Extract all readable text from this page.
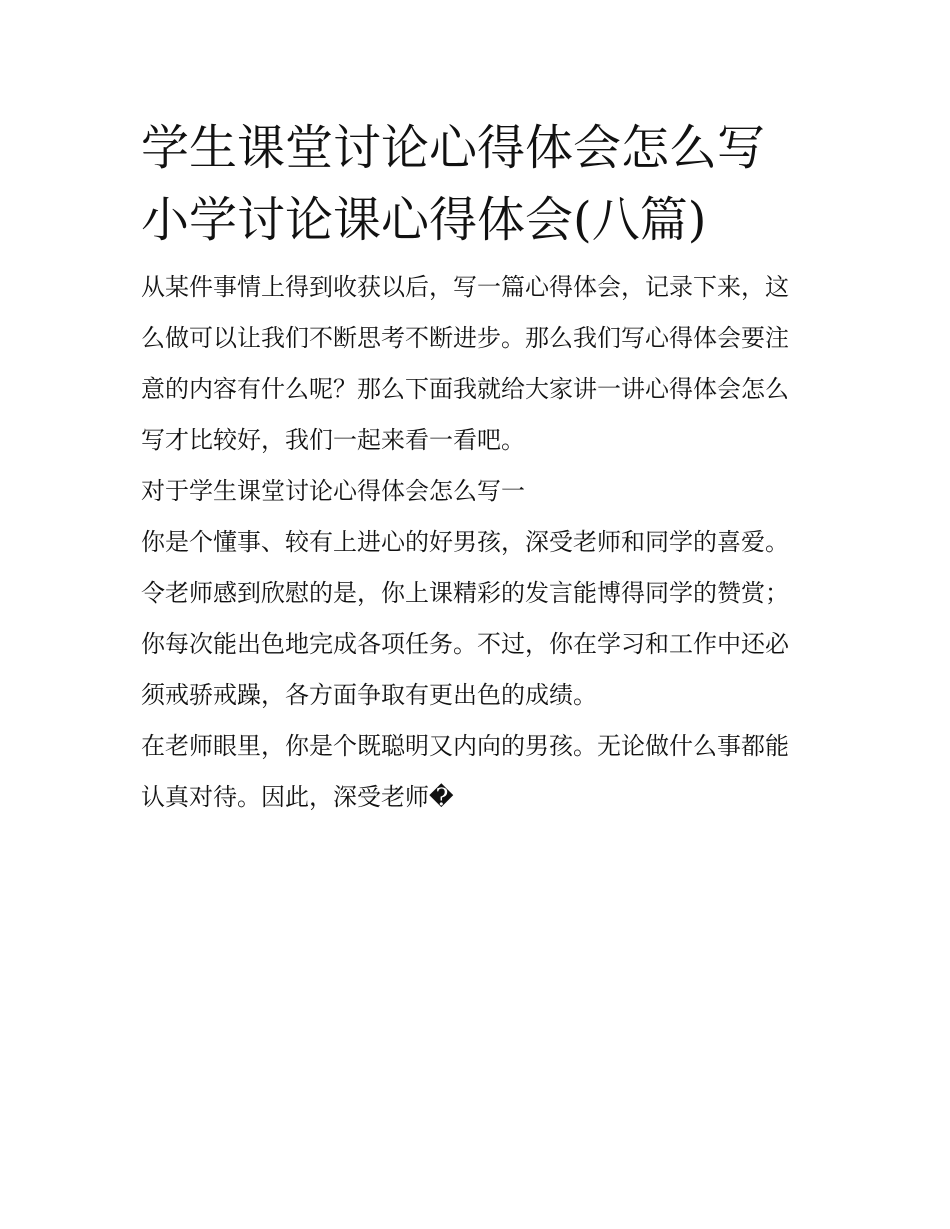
学生课堂讨论心得体会怎么写
小学讨论课心得体会(八篇)
从某件事情上得到收获以后，写一篇心得体会，记录下来，这
么做可以让我们不断思考不断进步。那么我们写心得体会要注
意的内容有什么呢？那么下面我就给大家讲一讲心得体会怎么
写才比较好，我们一起来看一看吧。
对于学生课堂讨论心得体会怎么写一
你是个懂事、较有上进心的好男孩，深受老师和同学的喜爱。
令老师感到欣慰的是，你上课精彩的发言能博得同学的赞赏；
你每次能出色地完成各项任务。不过，你在学习和工作中还必
须戒骄戒躁，各方面争取有更出色的成绩。
在老师眼里，你是个既聪明又内向的男孩。无论做什么事都能
认真对待。因此，深受老师�
